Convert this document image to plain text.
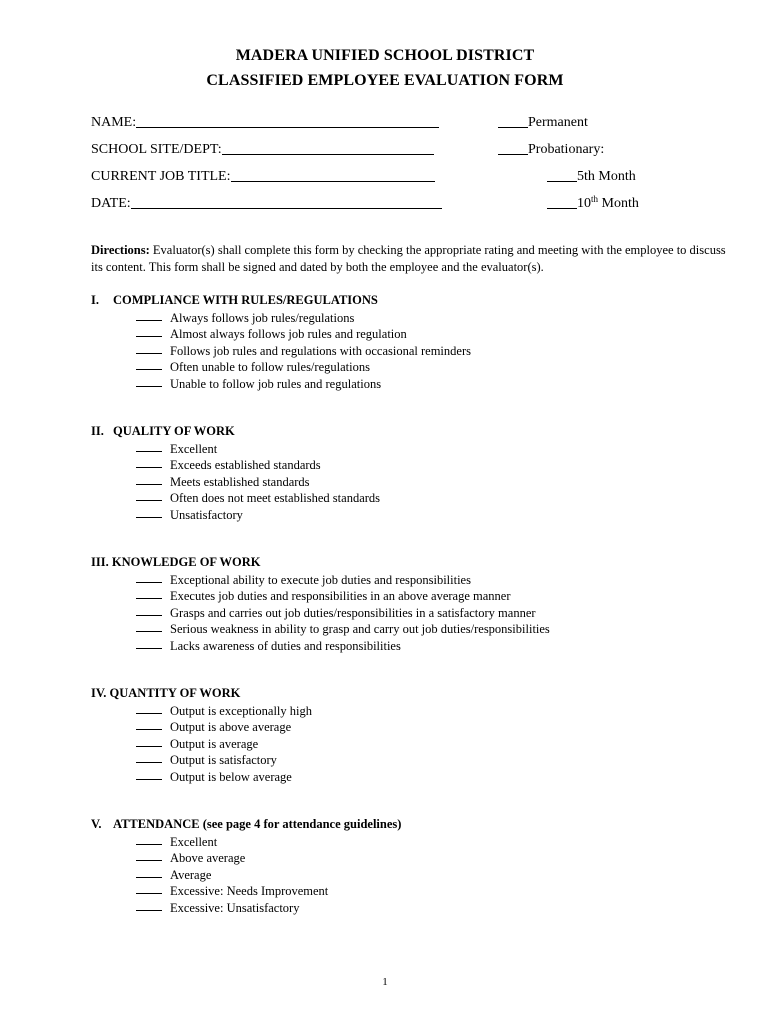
MADERA UNIFIED SCHOOL DISTRICT
CLASSIFIED EMPLOYEE EVALUATION FORM
NAME:
SCHOOL SITE/DEPT:
CURRENT JOB TITLE:
DATE:
Permanent
Probationary:
5th Month
10th Month
Directions: Evaluator(s) shall complete this form by checking the appropriate rating and meeting with the employee to discuss its content. This form shall be signed and dated by both the employee and the evaluator(s).
I. COMPLIANCE WITH RULES/REGULATIONS
Always follows job rules/regulations
Almost always follows job rules and regulation
Follows job rules and regulations with occasional reminders
Often unable to follow rules/regulations
Unable to follow job rules and regulations
II. QUALITY OF WORK
Excellent
Exceeds established standards
Meets established standards
Often does not meet established standards
Unsatisfactory
III. KNOWLEDGE OF WORK
Exceptional ability to execute job duties and responsibilities
Executes job duties and responsibilities in an above average manner
Grasps and carries out job duties/responsibilities in a satisfactory manner
Serious weakness in ability to grasp and carry out job duties/responsibilities
Lacks awareness of duties and responsibilities
IV. QUANTITY OF WORK
Output is exceptionally high
Output is above average
Output is average
Output is satisfactory
Output is below average
V. ATTENDANCE (see page 4 for attendance guidelines)
Excellent
Above average
Average
Excessive: Needs Improvement
Excessive: Unsatisfactory
1
